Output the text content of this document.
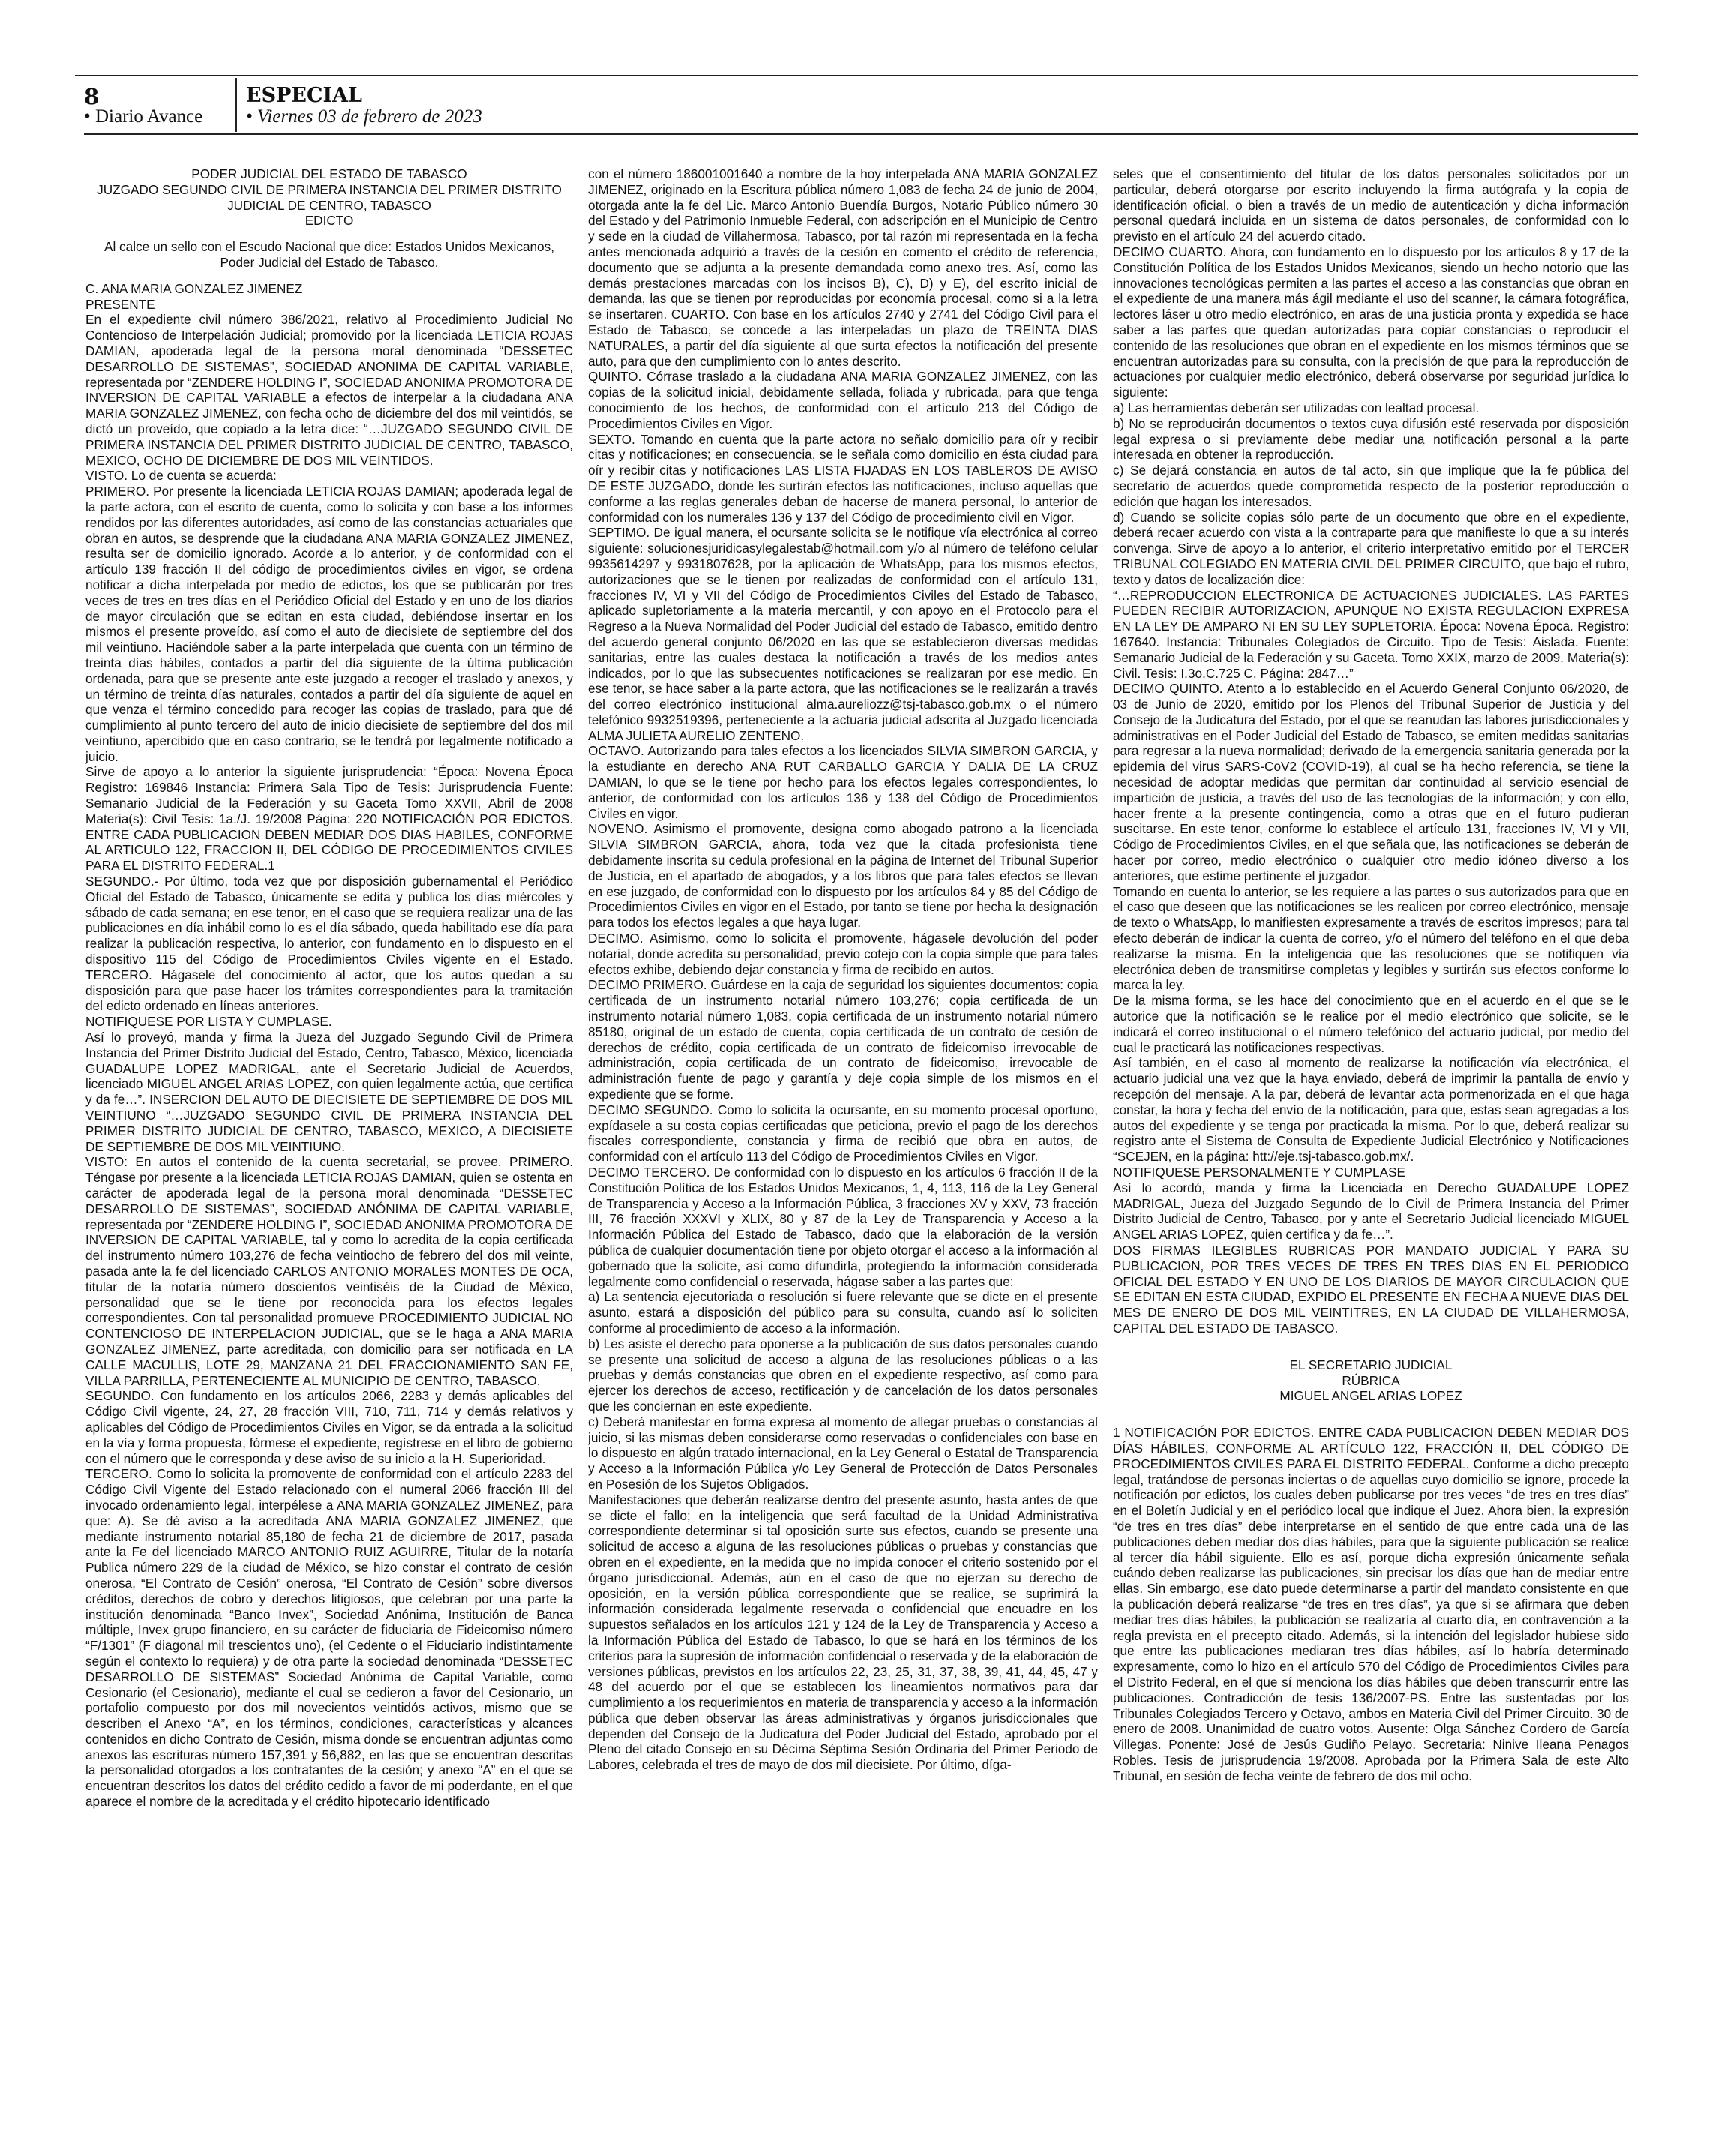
8
• Diario Avance
ESPECIAL
• Viernes 03 de febrero de 2023

PODER JUDICIAL DEL ESTADO DE TABASCO

JUZGADO SEGUNDO CIVIL DE PRIMERA INSTANCIA DEL PRIMER DISTRITO JUDICIAL DE CENTRO, TABASCO

EDICTO

Al calce un sello con el Escudo Nacional que dice: Estados Unidos Mexicanos, Poder Judicial del Estado de Tabasco.

C. ANA MARIA GONZALEZ JIMENEZ

PRESENTE

En el expediente civil número 386/2021, relativo al Procedimiento Judicial No Contencioso de Interpelación Judicial; promovido por la licenciada LETICIA ROJAS DAMIAN, apoderada legal de la persona moral denominada “DESSETEC DESARROLLO DE SISTEMAS”, SOCIEDAD ANONIMA DE CAPITAL VARIABLE, representada por “ZENDERE HOLDING I”, SOCIEDAD ANONIMA PROMOTORA DE INVERSION DE CAPITAL VARIABLE a efectos de interpelar a la ciudadana ANA MARIA GONZALEZ JIMENEZ, con fecha ocho de diciembre del dos mil veintidós, se dictó un proveído, que copiado a la letra dice: “…JUZGADO SEGUNDO CIVIL DE PRIMERA INSTANCIA DEL PRIMER DISTRITO JUDICIAL DE CENTRO, TABASCO, MEXICO, OCHO DE DICIEMBRE DE DOS MIL VEINTIDOS.

VISTO. Lo de cuenta se acuerda:

PRIMERO. Por presente la licenciada LETICIA ROJAS DAMIAN; apoderada legal de la parte actora, con el escrito de cuenta, como lo solicita y con base a los informes rendidos por las diferentes autoridades, así como de las constancias actuariales que obran en autos, se desprende que la ciudadana ANA MARIA GONZALEZ JIMENEZ, resulta ser de domicilio ignorado. Acorde a lo anterior, y de conformidad con el artículo 139 fracción II del código de procedimientos civiles en vigor, se ordena notificar a dicha interpelada por medio de edictos, los que se publicarán por tres veces de tres en tres días en el Periódico Oficial del Estado y en uno de los diarios de mayor circulación que se editan en esta ciudad, debiéndose insertar en los mismos el presente proveído, así como el auto de diecisiete de septiembre del dos mil veintiuno. Haciéndole saber a la parte interpelada que cuenta con un término de treinta días hábiles, contados a partir del día siguiente de la última publicación ordenada, para que se presente ante este juzgado a recoger el traslado y anexos, y un término de treinta días naturales, contados a partir del día siguiente de aquel en que venza el término concedido para recoger las copias de traslado, para que dé cumplimiento al punto tercero del auto de inicio diecisiete de septiembre del dos mil veintiuno, apercibido que en caso contrario, se le tendrá por legalmente notificado a juicio.

Sirve de apoyo a lo anterior la siguiente jurisprudencia: “Época: Novena Época Registro: 169846 Instancia: Primera Sala Tipo de Tesis: Jurisprudencia Fuente: Semanario Judicial de la Federación y su Gaceta Tomo XXVII, Abril de 2008 Materia(s): Civil Tesis: 1a./J. 19/2008 Página: 220 NOTIFICACIÓN POR EDICTOS. ENTRE CADA PUBLICACION DEBEN MEDIAR DOS DIAS HABILES, CONFORME AL ARTICULO 122, FRACCION II, DEL CÓDIGO DE PROCEDIMIENTOS CIVILES PARA EL DISTRITO FEDERAL.1

SEGUNDO.- Por último, toda vez que por disposición gubernamental el Periódico Oficial del Estado de Tabasco, únicamente se edita y publica los días miércoles y sábado de cada semana; en ese tenor, en el caso que se requiera realizar una de las publicaciones en día inhábil como lo es el día sábado, queda habilitado ese día para realizar la publicación respectiva, lo anterior, con fundamento en lo dispuesto en el dispositivo 115 del Código de Procedimientos Civiles vigente en el Estado. TERCERO. Hágasele del conocimiento al actor, que los autos quedan a su disposición para que pase hacer los trámites correspondientes para la tramitación del edicto ordenado en líneas anteriores.

NOTIFIQUESE POR LISTA Y CUMPLASE.

Así lo proveyó, manda y firma la Jueza del Juzgado Segundo Civil de Primera Instancia del Primer Distrito Judicial del Estado, Centro, Tabasco, México, licenciada GUADALUPE LOPEZ MADRIGAL, ante el Secretario Judicial de Acuerdos, licenciado MIGUEL ANGEL ARIAS LOPEZ, con quien legalmente actúa, que certifica y da fe…”. INSERCION DEL AUTO DE DIECISIETE DE SEPTIEMBRE DE DOS MIL VEINTIUNO “…JUZGADO SEGUNDO CIVIL DE PRIMERA INSTANCIA DEL PRIMER DISTRITO JUDICIAL DE CENTRO, TABASCO, MEXICO, A DIECISIETE DE SEPTIEMBRE DE DOS MIL VEINTIUNO.

VISTO: En autos el contenido de la cuenta secretarial, se provee. PRIMERO. Téngase por presente a la licenciada LETICIA ROJAS DAMIAN, quien se ostenta en carácter de apoderada legal de la persona moral denominada “DESSETEC DESARROLLO DE SISTEMAS”, SOCIEDAD ANÓNIMA DE CAPITAL VARIABLE, representada por “ZENDERE HOLDING I”, SOCIEDAD ANONIMA PROMOTORA DE INVERSION DE CAPITAL VARIABLE, tal y como lo acredita de la copia certificada del instrumento número 103,276 de fecha veintiocho de febrero del dos mil veinte, pasada ante la fe del licenciado CARLOS ANTONIO MORALES MONTES DE OCA, titular de la notaría número doscientos veintiséis de la Ciudad de México, personalidad que se le tiene por reconocida para los efectos legales correspondientes. Con tal personalidad promueve PROCEDIMIENTO JUDICIAL NO CONTENCIOSO DE INTERPELACION JUDICIAL, que se le haga a ANA MARIA GONZALEZ JIMENEZ, parte acreditada, con domicilio para ser notificada en LA CALLE MACULLIS, LOTE 29, MANZANA 21 DEL FRACCIONAMIENTO SAN FE, VILLA PARRILLA, PERTENECIENTE AL MUNICIPIO DE CENTRO, TABASCO.

SEGUNDO. Con fundamento en los artículos 2066, 2283 y demás aplicables del Código Civil vigente, 24, 27, 28 fracción VIII, 710, 711, 714 y demás relativos y aplicables del Código de Procedimientos Civiles en Vigor, se da entrada a la solicitud en la vía y forma propuesta, fórmese el expediente, regístrese en el libro de gobierno con el número que le corresponda y dese aviso de su inicio a la H. Superioridad.

TERCERO. Como lo solicita la promovente de conformidad con el artículo 2283 del Código Civil Vigente del Estado relacionado con el numeral 2066 fracción III del invocado ordenamiento legal, interpélese a ANA MARIA GONZALEZ JIMENEZ, para que: A). Se dé aviso a la acreditada ANA MARIA GONZALEZ JIMENEZ, que mediante instrumento notarial 85,180 de fecha 21 de diciembre de 2017, pasada ante la Fe del licenciado MARCO ANTONIO RUIZ AGUIRRE, Titular de la notaría Publica número 229 de la ciudad de México, se hizo constar el contrato de cesión onerosa, “El Contrato de Cesión” onerosa, “El Contrato de Cesión” sobre diversos créditos, derechos de cobro y derechos litigiosos, que celebran por una parte la institución denominada “Banco Invex”, Sociedad Anónima, Institución de Banca múltiple, Invex grupo financiero, en su carácter de fiduciaria de Fideicomiso número “F/1301” (F diagonal mil trescientos uno), (el Cedente o el Fiduciario indistintamente según el contexto lo requiera) y de otra parte la sociedad denominada “DESSETEC DESARROLLO DE SISTEMAS” Sociedad Anónima de Capital Variable, como Cesionario (el Cesionario), mediante el cual se cedieron a favor del Cesionario, un portafolio compuesto por dos mil novecientos veintidós activos, mismo que se describen el Anexo “A”, en los términos, condiciones, características y alcances contenidos en dicho Contrato de Cesión, misma donde se encuentran adjuntas como anexos las escrituras número 157,391 y 56,882, en las que se encuentran descritas la personalidad otorgados a los contratantes de la cesión; y anexo “A” en el que se encuentran descritos los datos del crédito cedido a favor de mi poderdante, en el que aparece el nombre de la acreditada y el crédito hipotecario identificado

con el número 186001001640 a nombre de la hoy interpelada ANA MARIA GONZALEZ JIMENEZ, originado en la Escritura pública número 1,083 de fecha 24 de junio de 2004, otorgada ante la fe del Lic. Marco Antonio Buendía Burgos, Notario Público número 30 del Estado y del Patrimonio Inmueble Federal, con adscripción en el Municipio de Centro y sede en la ciudad de Villahermosa, Tabasco, por tal razón mi representada en la fecha antes mencionada adquirió a través de la cesión en comento el crédito de referencia, documento que se adjunta a la presente demandada como anexo tres. Así, como las demás prestaciones marcadas con los incisos B), C), D) y E), del escrito inicial de demanda, las que se tienen por reproducidas por economía procesal, como si a la letra se insertaren. CUARTO. Con base en los artículos 2740 y 2741 del Código Civil para el Estado de Tabasco, se concede a las interpeladas un plazo de TREINTA DIAS NATURALES, a partir del día siguiente al que surta efectos la notificación del presente auto, para que den cumplimiento con lo antes descrito.

QUINTO. Córrase traslado a la ciudadana ANA MARIA GONZALEZ JIMENEZ, con las copias de la solicitud inicial, debidamente sellada, foliada y rubricada, para que tenga conocimiento de los hechos, de conformidad con el artículo 213 del Código de Procedimientos Civiles en Vigor.

SEXTO. Tomando en cuenta que la parte actora no señalo domicilio para oír y recibir citas y notificaciones; en consecuencia, se le señala como domicilio en ésta ciudad para oír y recibir citas y notificaciones LAS LISTA FIJADAS EN LOS TABLEROS DE AVISO DE ESTE JUZGADO, donde les surtirán efectos las notificaciones, incluso aquellas que conforme a las reglas generales deban de hacerse de manera personal, lo anterior de conformidad con los numerales 136 y 137 del Código de procedimiento civil en Vigor.

SEPTIMO. De igual manera, el ocursante solicita se le notifique vía electrónica al correo siguiente: solucionesjuridicasylegalestab@hotmail.com y/o al número de teléfono celular 9935614297 y 9931807628, por la aplicación de WhatsApp, para los mismos efectos, autorizaciones que se le tienen por realizadas de conformidad con el artículo 131, fracciones IV, VI y VII del Código de Procedimientos Civiles del Estado de Tabasco, aplicado supletoriamente a la materia mercantil, y con apoyo en el Protocolo para el Regreso a la Nueva Normalidad del Poder Judicial del estado de Tabasco, emitido dentro del acuerdo general conjunto 06/2020 en las que se establecieron diversas medidas sanitarias, entre las cuales destaca la notificación a través de los medios antes indicados, por lo que las subsecuentes notificaciones se realizaran por ese medio. En ese tenor, se hace saber a la parte actora, que las notificaciones se le realizarán a través del correo electrónico institucional alma.aureliozz@tsj-tabasco.gob.mx o el número telefónico 9932519396, perteneciente a la actuaria judicial adscrita al Juzgado licenciada ALMA JULIETA AURELIO ZENTENO.

OCTAVO. Autorizando para tales efectos a los licenciados SILVIA SIMBRON GARCIA, y la estudiante en derecho ANA RUT CARBALLO GARCIA Y DALIA DE LA CRUZ DAMIAN, lo que se le tiene por hecho para los efectos legales correspondientes, lo anterior, de conformidad con los artículos 136 y 138 del Código de Procedimientos Civiles en vigor.

NOVENO. Asimismo el promovente, designa como abogado patrono a la licenciada SILVIA SIMBRON GARCIA, ahora, toda vez que la citada profesionista tiene debidamente inscrita su cedula profesional en la página de Internet del Tribunal Superior de Justicia, en el apartado de abogados, y a los libros que para tales efectos se llevan en ese juzgado, de conformidad con lo dispuesto por los artículos 84 y 85 del Código de Procedimientos Civiles en vigor en el Estado, por tanto se tiene por hecha la designación para todos los efectos legales a que haya lugar.

DECIMO. Asimismo, como lo solicita el promovente, hágasele devolución del poder notarial, donde acredita su personalidad, previo cotejo con la copia simple que para tales efectos exhibe, debiendo dejar constancia y firma de recibido en autos.

DECIMO PRIMERO. Guárdese en la caja de seguridad los siguientes documentos: copia certificada de un instrumento notarial número 103,276; copia certificada de un instrumento notarial número 1,083, copia certificada de un instrumento notarial número 85180, original de un estado de cuenta, copia certificada de un contrato de cesión de derechos de crédito, copia certificada de un contrato de fideicomiso irrevocable de administración, copia certificada de un contrato de fideicomiso, irrevocable de administración fuente de pago y garantía y deje copia simple de los mismos en el expediente que se forme.

DECIMO SEGUNDO. Como lo solicita la ocursante, en su momento procesal oportuno, expídasele a su costa copias certificadas que peticiona, previo el pago de los derechos fiscales correspondiente, constancia y firma de recibió que obra en autos, de conformidad con el artículo 113 del Código de Procedimientos Civiles en Vigor.

DECIMO TERCERO. De conformidad con lo dispuesto en los artículos 6 fracción II de la Constitución Política de los Estados Unidos Mexicanos, 1, 4, 113, 116 de la Ley General de Transparencia y Acceso a la Información Pública, 3 fracciones XV y XXV, 73 fracción III, 76 fracción XXXVI y XLIX, 80 y 87 de la Ley de Transparencia y Acceso a la Información Pública del Estado de Tabasco, dado que la elaboración de la versión pública de cualquier documentación tiene por objeto otorgar el acceso a la información al gobernado que la solicite, así como difundirla, protegiendo la información considerada legalmente como confidencial o reservada, hágase saber a las partes que:

a) La sentencia ejecutoriada o resolución si fuere relevante que se dicte en el presente asunto, estará a disposición del público para su consulta, cuando así lo soliciten conforme al procedimiento de acceso a la información.

b) Les asiste el derecho para oponerse a la publicación de sus datos personales cuando se presente una solicitud de acceso a alguna de las resoluciones públicas o a las pruebas y demás constancias que obren en el expediente respectivo, así como para ejercer los derechos de acceso, rectificación y de cancelación de los datos personales que les conciernan en este expediente.

c) Deberá manifestar en forma expresa al momento de allegar pruebas o constancias al juicio, si las mismas deben considerarse como reservadas o confidenciales con base en lo dispuesto en algún tratado internacional, en la Ley General o Estatal de Transparencia y Acceso a la Información Pública y/o Ley General de Protección de Datos Personales en Posesión de los Sujetos Obligados.

Manifestaciones que deberán realizarse dentro del presente asunto, hasta antes de que se dicte el fallo; en la inteligencia que será facultad de la Unidad Administrativa correspondiente determinar si tal oposición surte sus efectos, cuando se presente una solicitud de acceso a alguna de las resoluciones públicas o pruebas y constancias que obren en el expediente, en la medida que no impida conocer el criterio sostenido por el órgano jurisdiccional. Además, aún en el caso de que no ejerzan su derecho de oposición, en la versión pública correspondiente que se realice, se suprimirá la información considerada legalmente reservada o confidencial que encuadre en los supuestos señalados en los artículos 121 y 124 de la Ley de Transparencia y Acceso a la Información Pública del Estado de Tabasco, lo que se hará en los términos de los criterios para la supresión de información confidencial o reservada y de la elaboración de versiones públicas, previstos en los artículos 22, 23, 25, 31, 37, 38, 39, 41, 44, 45, 47 y 48 del acuerdo por el que se establecen los lineamientos normativos para dar cumplimiento a los requerimientos en materia de transparencia y acceso a la información pública que deben observar las áreas administrativas y órganos jurisdiccionales que dependen del Consejo de la Judicatura del Poder Judicial del Estado, aprobado por el Pleno del citado Consejo en su Décima Séptima Sesión Ordinaria del Primer Periodo de Labores, celebrada el tres de mayo de dos mil diecisiete. Por último, díga-

seles que el consentimiento del titular de los datos personales solicitados por un particular, deberá otorgarse por escrito incluyendo la firma autógrafa y la copia de identificación oficial, o bien a través de un medio de autenticación y dicha información personal quedará incluida en un sistema de datos personales, de conformidad con lo previsto en el artículo 24 del acuerdo citado.

DECIMO CUARTO. Ahora, con fundamento en lo dispuesto por los artículos 8 y 17 de la Constitución Política de los Estados Unidos Mexicanos, siendo un hecho notorio que las innovaciones tecnológicas permiten a las partes el acceso a las constancias que obran en el expediente de una manera más ágil mediante el uso del scanner, la cámara fotográfica, lectores láser u otro medio electrónico, en aras de una justicia pronta y expedida se hace saber a las partes que quedan autorizadas para copiar constancias o reproducir el contenido de las resoluciones que obran en el expediente en los mismos términos que se encuentran autorizadas para su consulta, con la precisión de que para la reproducción de actuaciones por cualquier medio electrónico, deberá observarse por seguridad jurídica lo siguiente:

a) Las herramientas deberán ser utilizadas con lealtad procesal.

b) No se reproducirán documentos o textos cuya difusión esté reservada por disposición legal expresa o si previamente debe mediar una notificación personal a la parte interesada en obtener la reproducción.

c) Se dejará constancia en autos de tal acto, sin que implique que la fe pública del secretario de acuerdos quede comprometida respecto de la posterior reproducción o edición que hagan los interesados.

d) Cuando se solicite copias sólo parte de un documento que obre en el expediente, deberá recaer acuerdo con vista a la contraparte para que manifieste lo que a su interés convenga. Sirve de apoyo a lo anterior, el criterio interpretativo emitido por el TERCER TRIBUNAL COLEGIADO EN MATERIA CIVIL DEL PRIMER CIRCUITO, que bajo el rubro, texto y datos de localización dice:

“…REPRODUCCION ELECTRONICA DE ACTUACIONES JUDICIALES. LAS PARTES PUEDEN RECIBIR AUTORIZACION, APUNQUE NO EXISTA REGULACION EXPRESA EN LA LEY DE AMPARO NI EN SU LEY SUPLETORIA. Época: Novena Época. Registro: 167640. Instancia: Tribunales Colegiados de Circuito. Tipo de Tesis: Aislada. Fuente: Semanario Judicial de la Federación y su Gaceta. Tomo XXIX, marzo de 2009. Materia(s): Civil. Tesis: I.3o.C.725 C. Página: 2847…”

DECIMO QUINTO. Atento a lo establecido en el Acuerdo General Conjunto 06/2020, de 03 de Junio de 2020, emitido por los Plenos del Tribunal Superior de Justicia y del Consejo de la Judicatura del Estado, por el que se reanudan las labores jurisdiccionales y administrativas en el Poder Judicial del Estado de Tabasco, se emiten medidas sanitarias para regresar a la nueva normalidad; derivado de la emergencia sanitaria generada por la epidemia del virus SARS-CoV2 (COVID-19), al cual se ha hecho referencia, se tiene la necesidad de adoptar medidas que permitan dar continuidad al servicio esencial de impartición de justicia, a través del uso de las tecnologías de la información; y con ello, hacer frente a la presente contingencia, como a otras que en el futuro pudieran suscitarse. En este tenor, conforme lo establece el artículo 131, fracciones IV, VI y VII, Código de Procedimientos Civiles, en el que señala que, las notificaciones se deberán de hacer por correo, medio electrónico o cualquier otro medio idóneo diverso a los anteriores, que estime pertinente el juzgador.

Tomando en cuenta lo anterior, se les requiere a las partes o sus autorizados para que en el caso que deseen que las notificaciones se les realicen por correo electrónico, mensaje de texto o WhatsApp, lo manifiesten expresamente a través de escritos impresos; para tal efecto deberán de indicar la cuenta de correo, y/o el número del teléfono en el que deba realizarse la misma. En la inteligencia que las resoluciones que se notifiquen vía electrónica deben de transmitirse completas y legibles y surtirán sus efectos conforme lo marca la ley.

De la misma forma, se les hace del conocimiento que en el acuerdo en el que se le autorice que la notificación se le realice por el medio electrónico que solicite, se le indicará el correo institucional o el número telefónico del actuario judicial, por medio del cual le practicará las notificaciones respectivas.

Así también, en el caso al momento de realizarse la notificación vía electrónica, el actuario judicial una vez que la haya enviado, deberá de imprimir la pantalla de envío y recepción del mensaje. A la par, deberá de levantar acta pormenorizada en el que haga constar, la hora y fecha del envío de la notificación, para que, estas sean agregadas a los autos del expediente y se tenga por practicada la misma. Por lo que, deberá realizar su registro ante el Sistema de Consulta de Expediente Judicial Electrónico y Notificaciones “SCEJEN, en la página: htt://eje.tsj-tabasco.gob.mx/.

NOTIFIQUESE PERSONALMENTE Y CUMPLASE

Así lo acordó, manda y firma la Licenciada en Derecho GUADALUPE LOPEZ MADRIGAL, Jueza del Juzgado Segundo de lo Civil de Primera Instancia del Primer Distrito Judicial de Centro, Tabasco, por y ante el Secretario Judicial licenciado MIGUEL ANGEL ARIAS LOPEZ, quien certifica y da fe…”.

DOS FIRMAS ILEGIBLES RUBRICAS POR MANDATO JUDICIAL Y PARA SU PUBLICACION, POR TRES VECES DE TRES EN TRES DIAS EN EL PERIODICO OFICIAL DEL ESTADO Y EN UNO DE LOS DIARIOS DE MAYOR CIRCULACION QUE SE EDITAN EN ESTA CIUDAD, EXPIDO EL PRESENTE EN FECHA A NUEVE DIAS DEL MES DE ENERO DE DOS MIL VEINTITRES, EN LA CIUDAD DE VILLAHERMOSA, CAPITAL DEL ESTADO DE TABASCO.

EL SECRETARIO JUDICIAL

RÚBRICA

MIGUEL ANGEL ARIAS LOPEZ

1 NOTIFICACIÓN POR EDICTOS. ENTRE CADA PUBLICACION DEBEN MEDIAR DOS DÍAS HÁBILES, CONFORME AL ARTÍCULO 122, FRACCIÓN II, DEL CÓDIGO DE PROCEDIMIENTOS CIVILES PARA EL DISTRITO FEDERAL. Conforme a dicho precepto legal, tratándose de personas inciertas o de aquellas cuyo domicilio se ignore, procede la notificación por edictos, los cuales deben publicarse por tres veces “de tres en tres días” en el Boletín Judicial y en el periódico local que indique el Juez. Ahora bien, la expresión “de tres en tres días” debe interpretarse en el sentido de que entre cada una de las publicaciones deben mediar dos días hábiles, para que la siguiente publicación se realice al tercer día hábil siguiente. Ello es así, porque dicha expresión únicamente señala cuándo deben realizarse las publicaciones, sin precisar los días que han de mediar entre ellas. Sin embargo, ese dato puede determinarse a partir del mandato consistente en que la publicación deberá realizarse “de tres en tres días”, ya que si se afirmara que deben mediar tres días hábiles, la publicación se realizaría al cuarto día, en contravención a la regla prevista en el precepto citado. Además, si la intención del legislador hubiese sido que entre las publicaciones mediaran tres días hábiles, así lo habría determinado expresamente, como lo hizo en el artículo 570 del Código de Procedimientos Civiles para el Distrito Federal, en el que sí menciona los días hábiles que deben transcurrir entre las publicaciones. Contradicción de tesis 136/2007-PS. Entre las sustentadas por los Tribunales Colegiados Tercero y Octavo, ambos en Materia Civil del Primer Circuito. 30 de enero de 2008. Unanimidad de cuatro votos. Ausente: Olga Sánchez Cordero de García Villegas. Ponente: José de Jesús Gudiño Pelayo. Secretaria: Ninive Ileana Penagos Robles. Tesis de jurisprudencia 19/2008. Aprobada por la Primera Sala de este Alto Tribunal, en sesión de fecha veinte de febrero de dos mil ocho.
